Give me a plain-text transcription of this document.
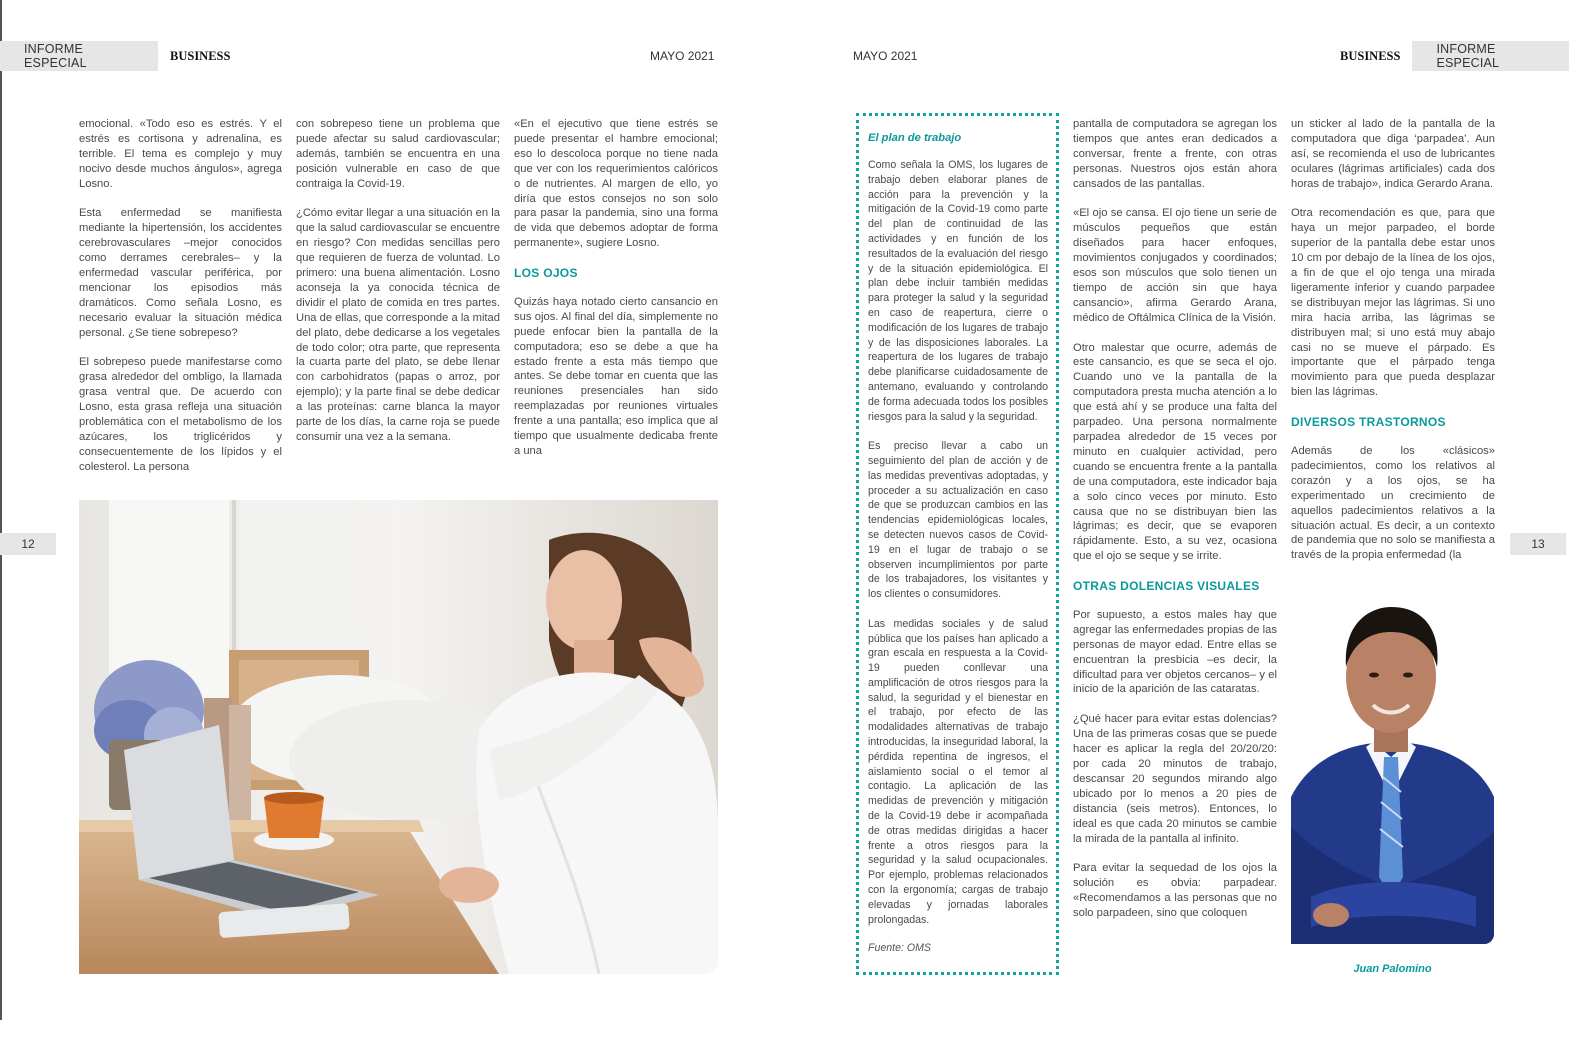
INFORME ESPECIAL
BUSINESS	MAYO 2021	MAYO 2021	BUSINESS	INFORME ESPECIAL
12	13

emocional. «Todo eso es estrés. Y el estrés es cortisona y adrenalina, es terrible. El tema es complejo y muy nocivo desde muchos ángulos», agrega Losno.

Esta enfermedad se manifiesta mediante la hipertensión, los accidentes cerebrovasculares –mejor conocidos como derrames cerebrales– y la enfermedad vascular periférica, por mencionar los episodios más dramáticos. Como señala Losno, es necesario evaluar la situación médica personal. ¿Se tiene sobrepeso?

El sobrepeso puede manifestarse como grasa alrededor del ombligo, la llamada grasa ventral que. De acuerdo con Losno, esta grasa refleja una situación problemática con el metabolismo de los azúcares, los triglicéridos y consecuentemente de los lípidos y el colesterol. La persona

con sobrepeso tiene un problema que puede afectar su salud cardiovascular; además, también se encuentra en una posición vulnerable en caso de que contraiga la Covid-19.

¿Cómo evitar llegar a una situación en la que la salud cardiovascular se encuentre en riesgo? Con medidas sencillas pero que requieren de fuerza de voluntad. Lo primero: una buena alimentación. Losno aconseja la ya conocida técnica de dividir el plato de comida en tres partes. Una de ellas, que corresponde a la mitad del plato, debe dedicarse a los vegetales de todo color; otra parte, que representa la cuarta parte del plato, se debe llenar con carbohidratos (papas o arroz, por ejemplo); y la parte final se debe dedicar a las proteínas: carne blanca la mayor parte de los días, la carne roja se puede consumir una vez a la semana.

«En el ejecutivo que tiene estrés se puede presentar el hambre emocional; eso lo descoloca porque no tiene nada que ver con los requerimientos calóricos o de nutrientes. Al margen de ello, yo diría que estos consejos no son solo para pasar la pandemia, sino una forma de vida que debemos adoptar de forma permanente», sugiere Losno.

LOS OJOS

Quizás haya notado cierto cansancio en sus ojos. Al final del día, simplemente no puede enfocar bien la pantalla de la computadora; eso se debe a que ha estado frente a esta más tiempo que antes. Se debe tomar en cuenta que las reuniones presenciales han sido reemplazadas por reuniones virtuales frente a una pantalla; eso implica que al tiempo que usualmente dedicaba frente a una

El plan de trabajo

Como señala la OMS, los lugares de trabajo deben elaborar planes de acción para la prevención y la mitigación de la Covid-19 como parte del plan de continuidad de las actividades y en función de los resultados de la evaluación del riesgo y de la situación epidemiológica. El plan debe incluir también medidas para proteger la salud y la seguridad en caso de reapertura, cierre o modificación de los lugares de trabajo y de las disposiciones laborales. La reapertura de los lugares de trabajo debe planificarse cuidadosamente de antemano, evaluando y controlando de forma adecuada todos los posibles riesgos para la salud y la seguridad.

Es preciso llevar a cabo un seguimiento del plan de acción y de las medidas preventivas adoptadas, y proceder a su actualización en caso de que se produzcan cambios en las tendencias epidemiológicas locales, se detecten nuevos casos de Covid-19 en el lugar de trabajo o se observen incumplimientos por parte de los trabajadores, los visitantes y los clientes o consumidores.

Las medidas sociales y de salud pública que los países han aplicado a gran escala en respuesta a la Covid-19 pueden conllevar una amplificación de otros riesgos para la salud, la seguridad y el bienestar en el trabajo, por efecto de las modalidades alternativas de trabajo introducidas, la inseguridad laboral, la pérdida repentina de ingresos, el aislamiento social o el temor al contagio. La aplicación de las medidas de prevención y mitigación de la Covid-19 debe ir acompañada de otras medidas dirigidas a hacer frente a otros riesgos para la seguridad y la salud ocupacionales. Por ejemplo, problemas relacionados con la ergonomía; cargas de trabajo elevadas y jornadas laborales prolongadas.

Fuente: OMS

pantalla de computadora se agregan los tiempos que antes eran dedicados a conversar, frente a frente, con otras personas. Nuestros ojos están ahora cansados de las pantallas.

«El ojo se cansa. El ojo tiene un serie de músculos pequeños que están diseñados para hacer enfoques, movimientos conjugados y coordinados; esos son músculos que solo tienen un tiempo de acción sin que haya cansancio», afirma Gerardo Arana, médico de Oftálmica Clínica de la Visión.

Otro malestar que ocurre, además de este cansancio, es que se seca el ojo. Cuando uno ve la pantalla de la computadora presta mucha atención a lo que está ahí y se produce una falta del parpadeo. Una persona normalmente parpadea alrededor de 15 veces por minuto en cualquier actividad, pero cuando se encuentra frente a la pantalla de una computadora, este indicador baja a solo cinco veces por minuto. Esto causa que no se distribuyan bien las lágrimas; es decir, que se evaporen rápidamente. Esto, a su vez, ocasiona que el ojo se seque y se irrite.

OTRAS DOLENCIAS VISUALES

Por supuesto, a estos males hay que agregar las enfermedades propias de las personas de mayor edad. Entre ellas se encuentran la presbicia –es decir, la dificultad para ver objetos cercanos– y el inicio de la aparición de las cataratas.

¿Qué hacer para evitar estas dolencias? Una de las primeras cosas que se puede hacer es aplicar la regla del 20/20/20: por cada 20 minutos de trabajo, descansar 20 segundos mirando algo ubicado por lo menos a 20 pies de distancia (seis metros). Entonces, lo ideal es que cada 20 minutos se cambie la mirada de la pantalla al infinito.

Para evitar la sequedad de los ojos la solución es obvia: parpadear. «Recomendamos a las personas que no solo parpadeen, sino que coloquen

un sticker al lado de la pantalla de la computadora que diga ‘parpadea’. Aun así, se recomienda el uso de lubricantes oculares (lágrimas artificiales) cada dos horas de trabajo», indica Gerardo Arana.

Otra recomendación es que, para que haya un mejor parpadeo, el borde superior de la pantalla debe estar unos 10 cm por debajo de la línea de los ojos, a fin de que el ojo tenga una mirada ligeramente inferior y cuando parpadee se distribuyan mejor las lágrimas. Si uno mira hacia arriba, las lágrimas se distribuyen mal; si uno está muy abajo casi no se mueve el párpado. Es importante que el párpado tenga movimiento para que pueda desplazar bien las lágrimas.

DIVERSOS TRASTORNOS

Además de los «clásicos» padecimientos, como los relativos al corazón y a los ojos, se ha experimentado un crecimiento de aquellos padecimientos relativos a la situación actual. Es decir, a un contexto de pandemia que no solo se manifiesta a través de la propia enfermedad (la

Juan Palomino
